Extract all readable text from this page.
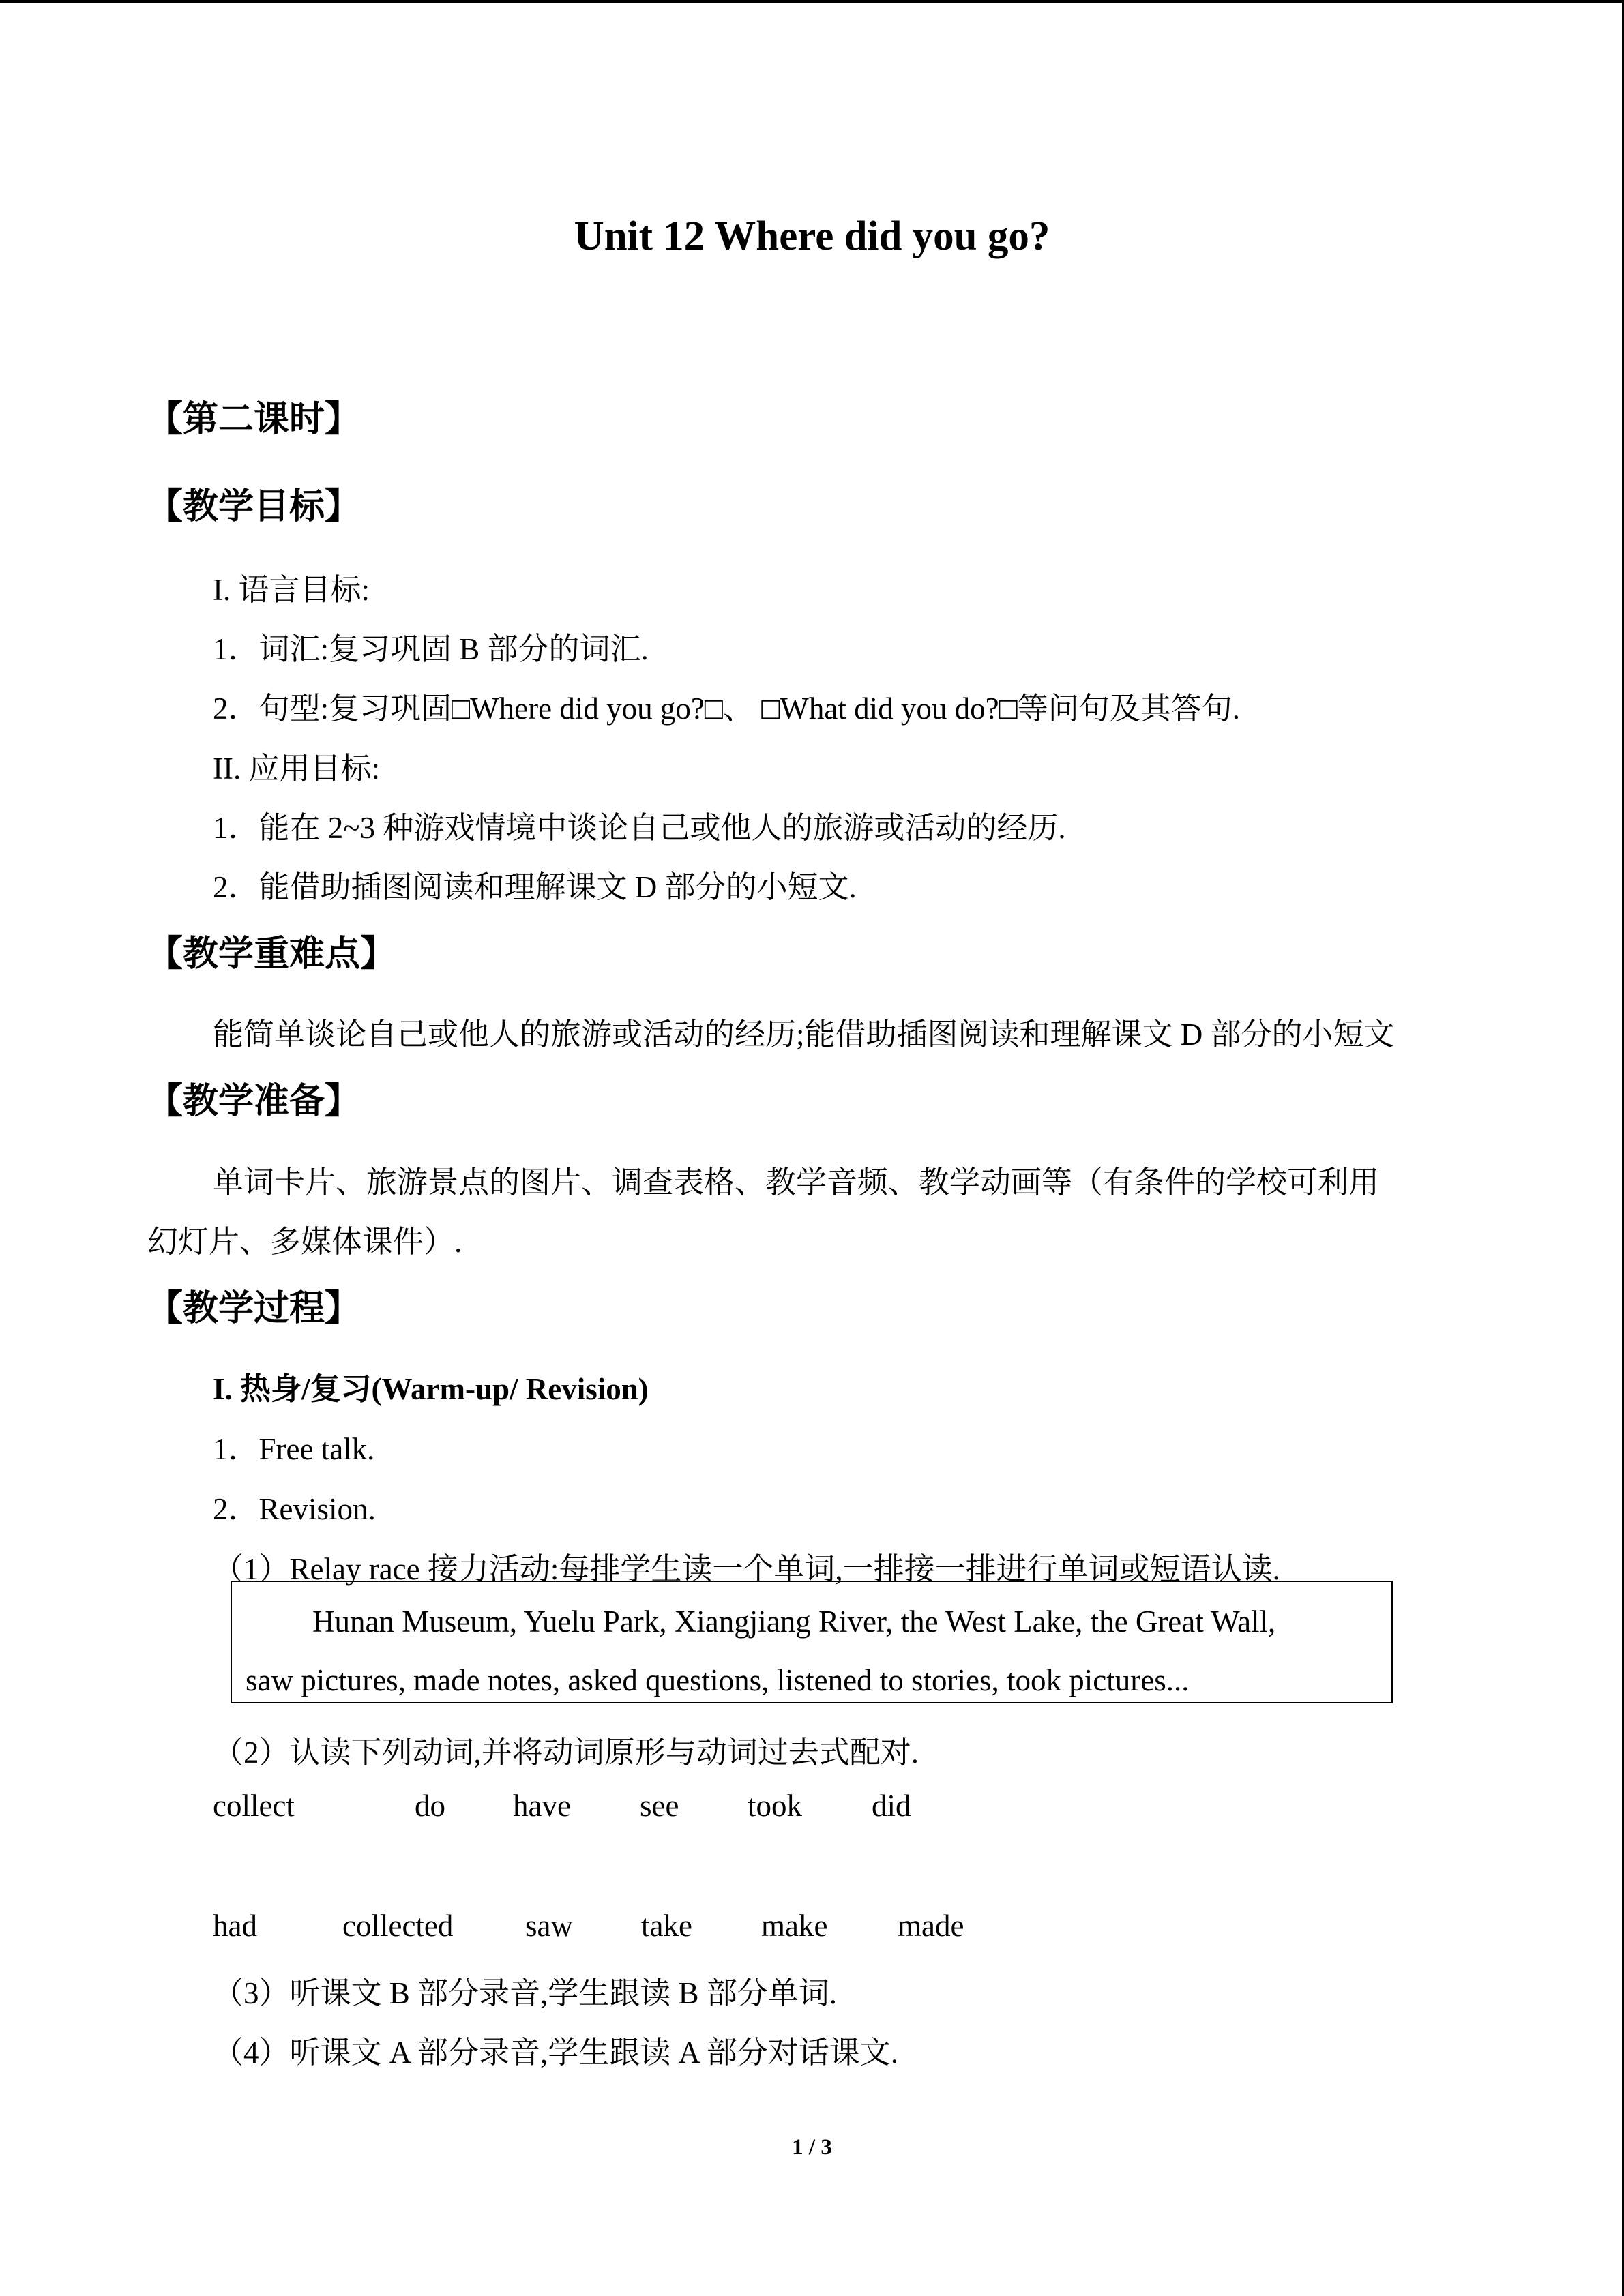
Unit 12 Where did you go?
【第二课时】
【教学目标】
I. 语言目标:
1．词汇:复习巩固 B 部分的词汇.
2．句型:复习巩固□Where did you go?□、 □What did you do?□等问句及其答句.
II. 应用目标:
1．能在 2~3 种游戏情境中谈论自己或他人的旅游或活动的经历.
2．能借助插图阅读和理解课文 D 部分的小短文.
【教学重难点】
能简单谈论自己或他人的旅游或活动的经历;能借助插图阅读和理解课文 D 部分的小短文
【教学准备】
单词卡片、旅游景点的图片、调查表格、教学音频、教学动画等（有条件的学校可利用
幻灯片、多媒体课件）.
【教学过程】
I. 热身/复习(Warm-up/ Revision)
1．Free talk.
2．Revision.
（1）Relay race 接力活动:每排学生读一个单词,一排接一排进行单词或短语认读.
Hunan Museum, Yuelu Park, Xiangjiang River, the West Lake, the Great Wall,
saw pictures, made notes, asked questions, listened to stories, took pictures...
（2）认读下列动词,并将动词原形与动词过去式配对.
collect	do have see took did
had	collected saw take make made
（3）听课文 B 部分录音,学生跟读 B 部分单词.
（4）听课文 A 部分录音,学生跟读 A 部分对话课文.
1 / 3
